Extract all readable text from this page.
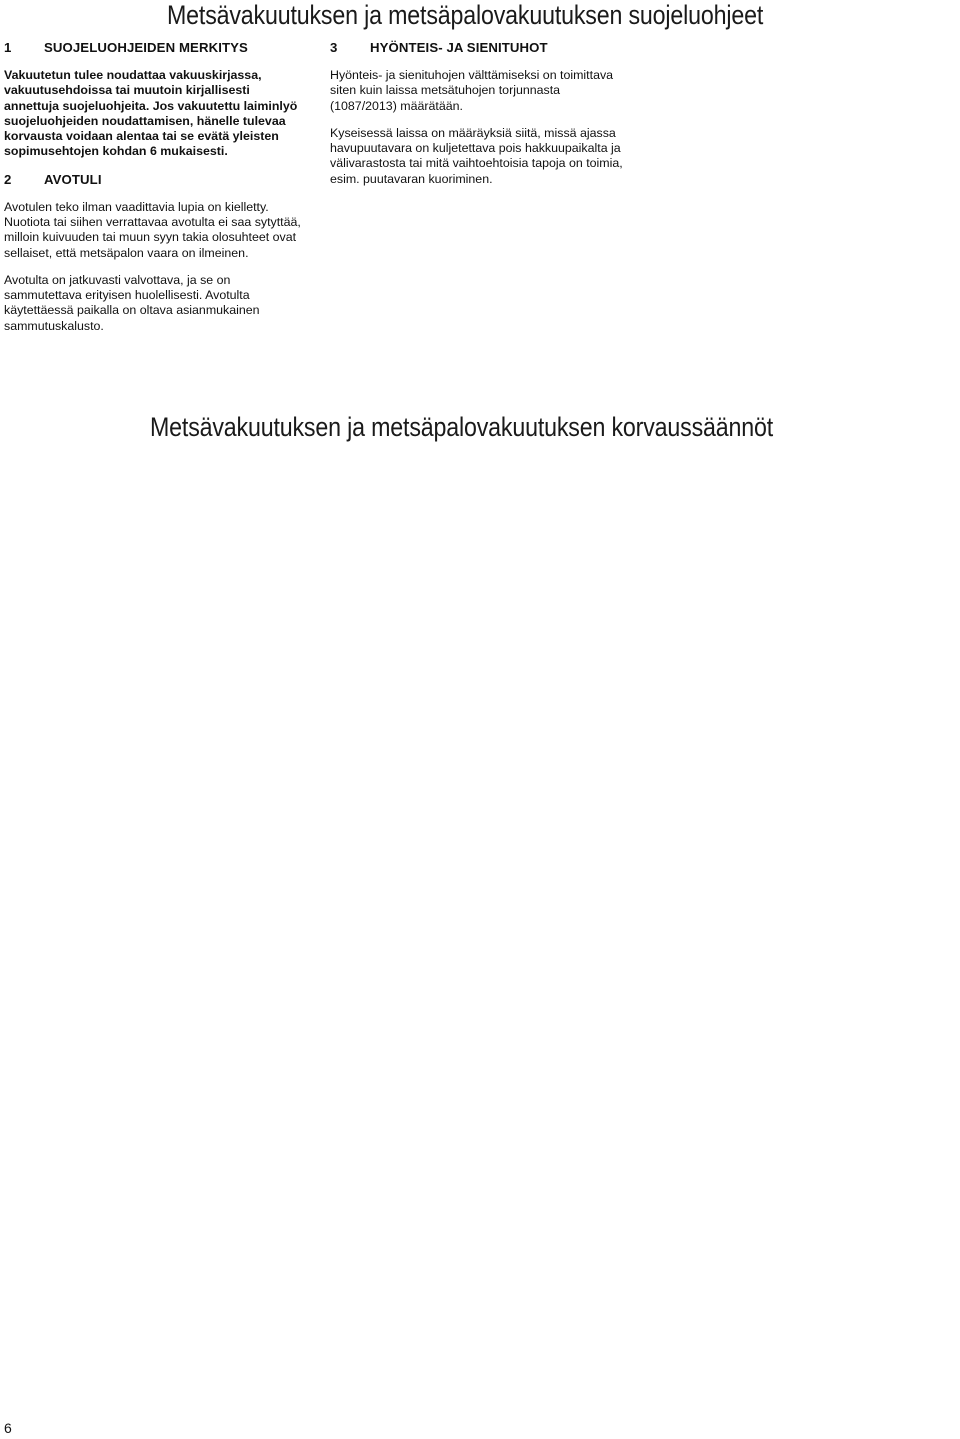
Metsävakuutuksen ja metsäpalovakuutuksen suojeluohjeet
1	SUOJELUOHJEIDEN MERKITYS

Vakuutetun tulee noudattaa vakuuskirjassa, vakuutusehdoissa tai muutoin kirjallisesti annettuja suojeluohjeita. Jos vakuutettu laiminlyö suojeluohjeiden noudattamisen, hänelle tulevaa korvausta voidaan alentaa tai se evätä yleisten sopimusehtojen kohdan 6 mukaisesti.

2	AVOTULI

Avotulen teko ilman vaadittavia lupia on kielletty. Nuotiota tai siihen verrattavaa avotulta ei saa sytyttää, milloin kuivuuden tai muun syyn takia olosuhteet ovat sellaiset, että metsäpalon vaara on ilmeinen.

Avotulta on jatkuvasti valvottava, ja se on sammutettava erityisen huolellisesti. Avotulta käytettäessä paikalla on oltava asianmukainen sammutuskalusto.

3	HYÖNTEIS- JA SIENITUHOT

Hyönteis- ja sienituhojen välttämiseksi on toimittava siten kuin laissa metsätuhojen torjunnasta (1087/2013) määrätään.

Kyseisessä laissa on määräyksiä siitä, missä ajassa havupuutavara on kuljetettava pois hakkuupaikalta ja välivarastosta tai mitä vaihtoehtoisia tapoja on toimia, esim. puutavaran kuoriminen.

Metsävakuutuksen ja metsäpalovakuutuksen korvaussäännöt
6
